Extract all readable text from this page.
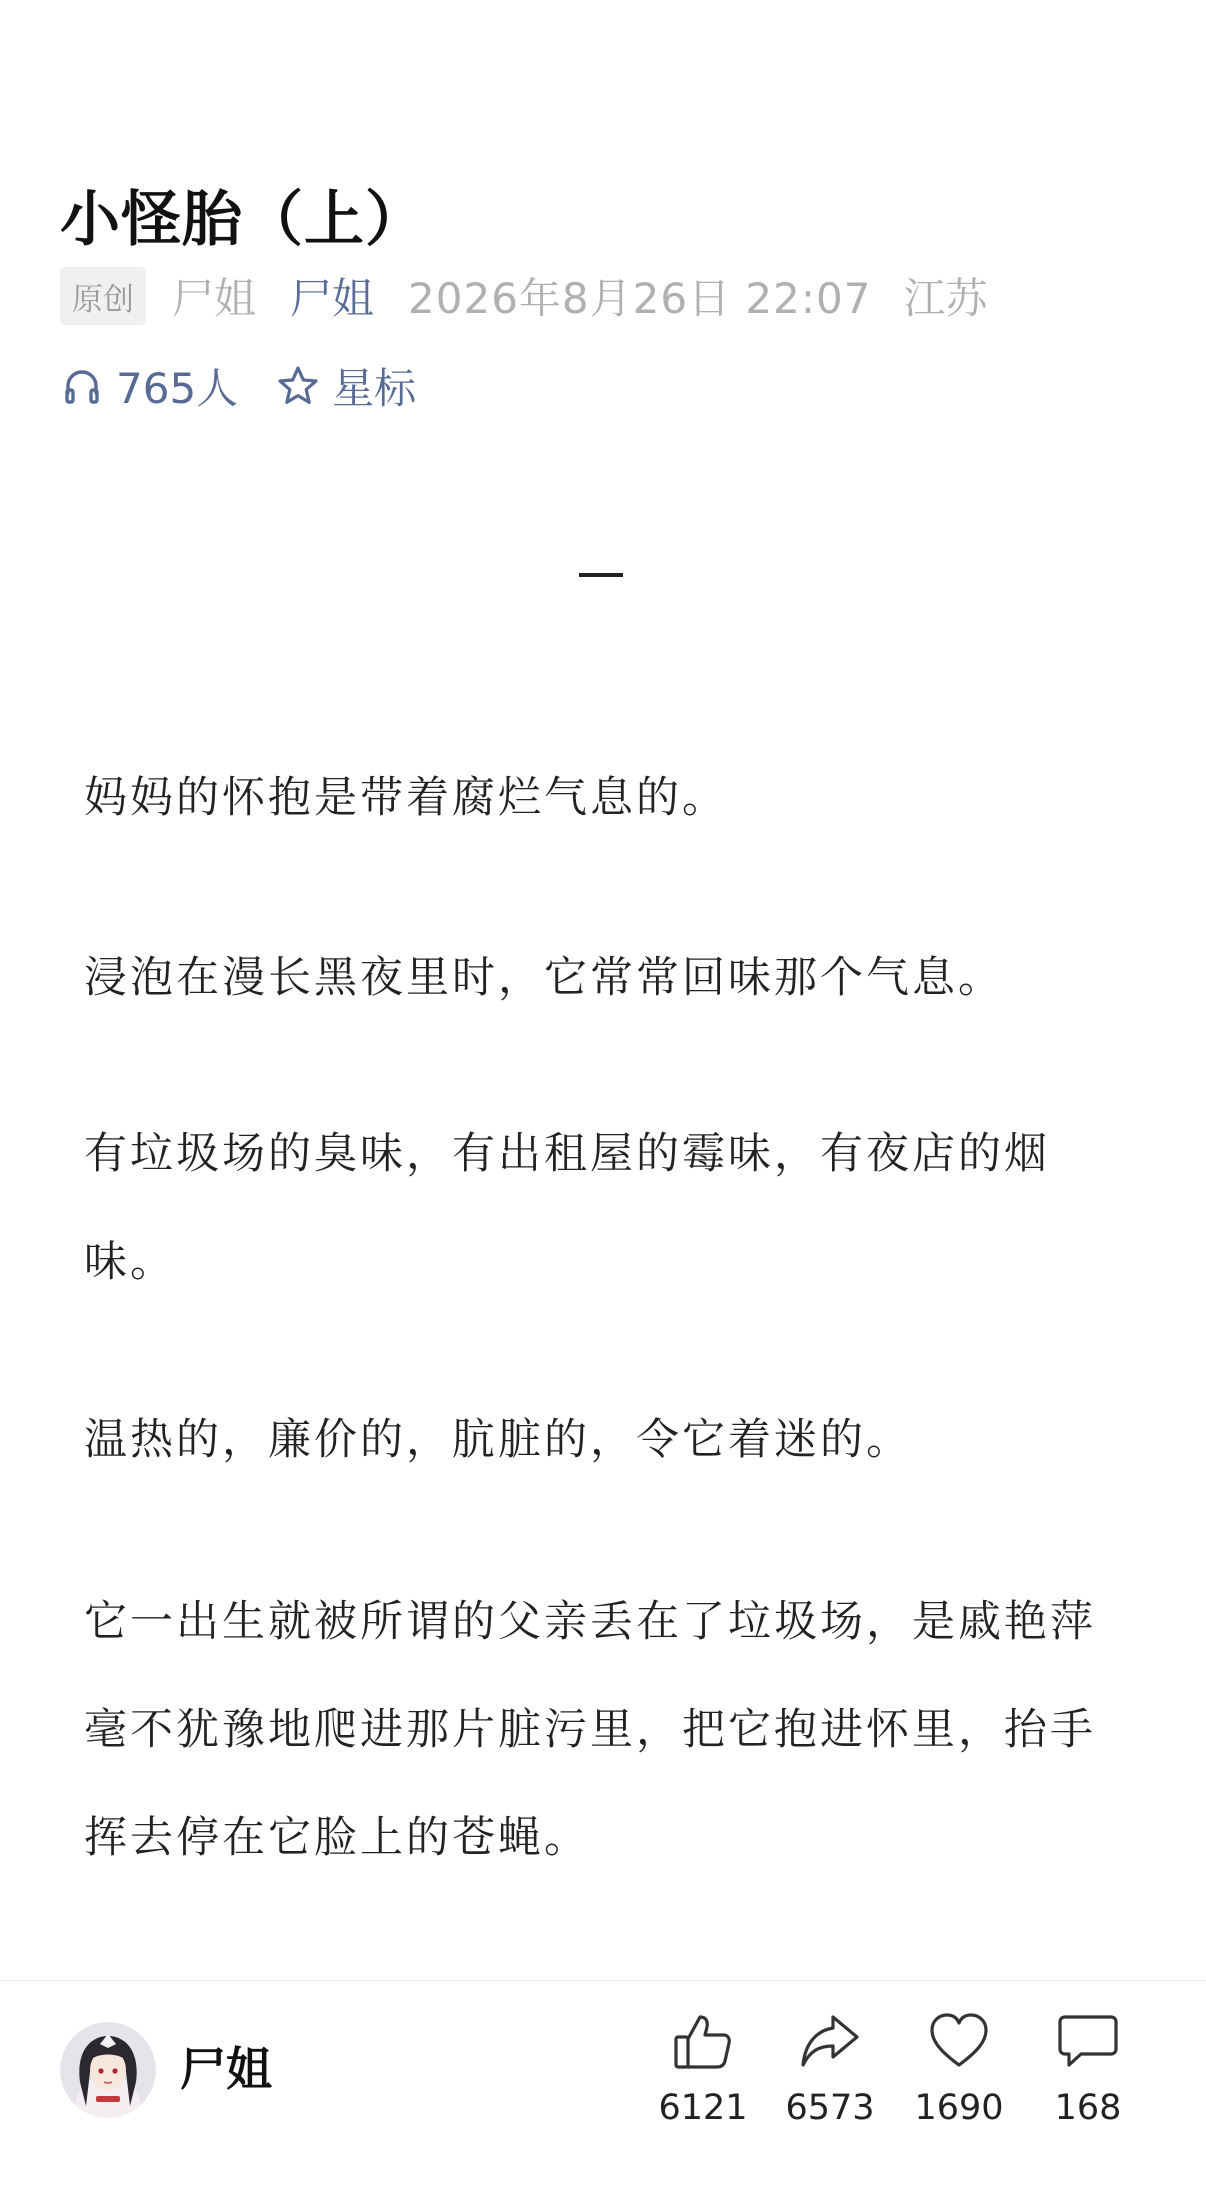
小怪胎（上）
原创 尸姐 尸姐 2026年8月26日 22:07 江苏
765人 星标

妈妈的怀抱是带着腐烂气息的。

浸泡在漫长黑夜里时，它常常回味那个气息。

有垃圾场的臭味，有出租屋的霉味，有夜店的烟味。

温热的，廉价的，肮脏的，令它着迷的。

它一出生就被所谓的父亲丢在了垃圾场，是戚艳萍毫不犹豫地爬进那片脏污里，把它抱进怀里，抬手挥去停在它脸上的苍蝇。

尸姐
6121	6573	1690	168
